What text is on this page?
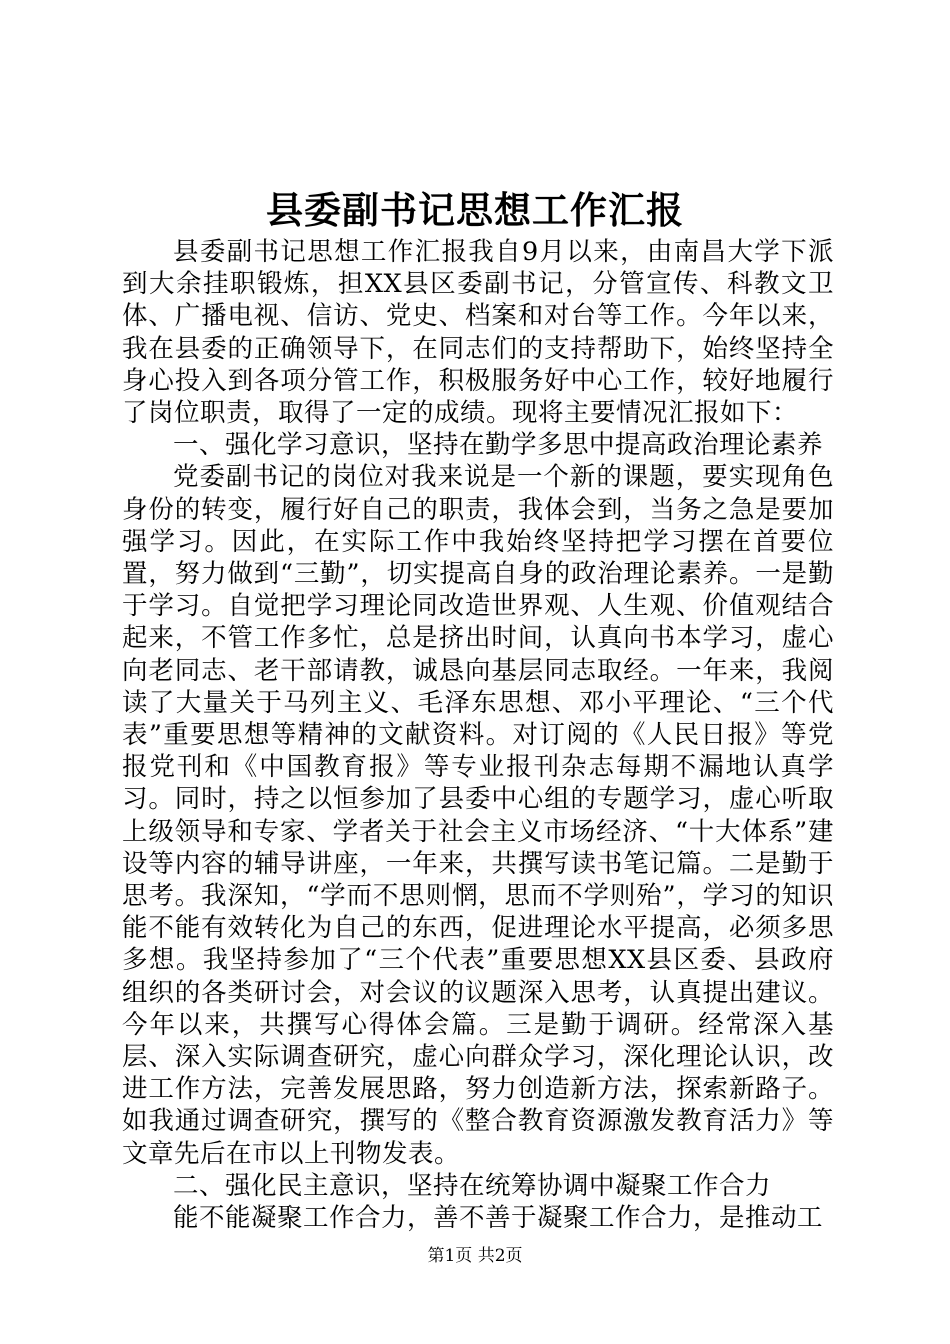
县委副书记思想工作汇报

县委副书记思想工作汇报我自9月以来，由南昌大学下派到大余挂职锻炼，担XX县区委副书记，分管宣传、科教文卫体、广播电视、信访、党史、档案和对台等工作。今年以来，我在县委的正确领导下，在同志们的支持帮助下，始终坚持全身心投入到各项分管工作，积极服务好中心工作，较好地履行了岗位职责，取得了一定的成绩。现将主要情况汇报如下：

一、强化学习意识，坚持在勤学多思中提高政治理论素养

党委副书记的岗位对我来说是一个新的课题，要实现角色身份的转变，履行好自己的职责，我体会到，当务之急是要加强学习。因此，在实际工作中我始终坚持把学习摆在首要位置，努力做到“三勤”，切实提高自身的政治理论素养。一是勤于学习。自觉把学习理论同改造世界观、人生观、价值观结合起来，不管工作多忙，总是挤出时间，认真向书本学习，虚心向老同志、老干部请教，诚恳向基层同志取经。一年来，我阅读了大量关于马列主义、毛泽东思想、邓小平理论、“三个代表”重要思想等精神的文献资料。对订阅的《人民日报》等党报党刊和《中国教育报》等专业报刊杂志每期不漏地认真学习。同时，持之以恒参加了县委中心组的专题学习，虚心听取上级领导和专家、学者关于社会主义市场经济、“十大体系”建设等内容的辅导讲座，一年来，共撰写读书笔记篇。二是勤于思考。我深知，“学而不思则惘，思而不学则殆”，学习的知识能不能有效转化为自己的东西，促进理论水平提高，必须多思多想。我坚持参加了“三个代表”重要思想XX县区委、县政府组织的各类研讨会，对会议的议题深入思考，认真提出建议。今年以来，共撰写心得体会篇。三是勤于调研。经常深入基层、深入实际调查研究，虚心向群众学习，深化理论认识，改进工作方法，完善发展思路，努力创造新方法，探索新路子。如我通过调查研究，撰写的《整合教育资源激发教育活力》等文章先后在市以上刊物发表。

二、强化民主意识，坚持在统筹协调中凝聚工作合力

能不能凝聚工作合力，善不善于凝聚工作合力，是推动工

第1页 共2页
